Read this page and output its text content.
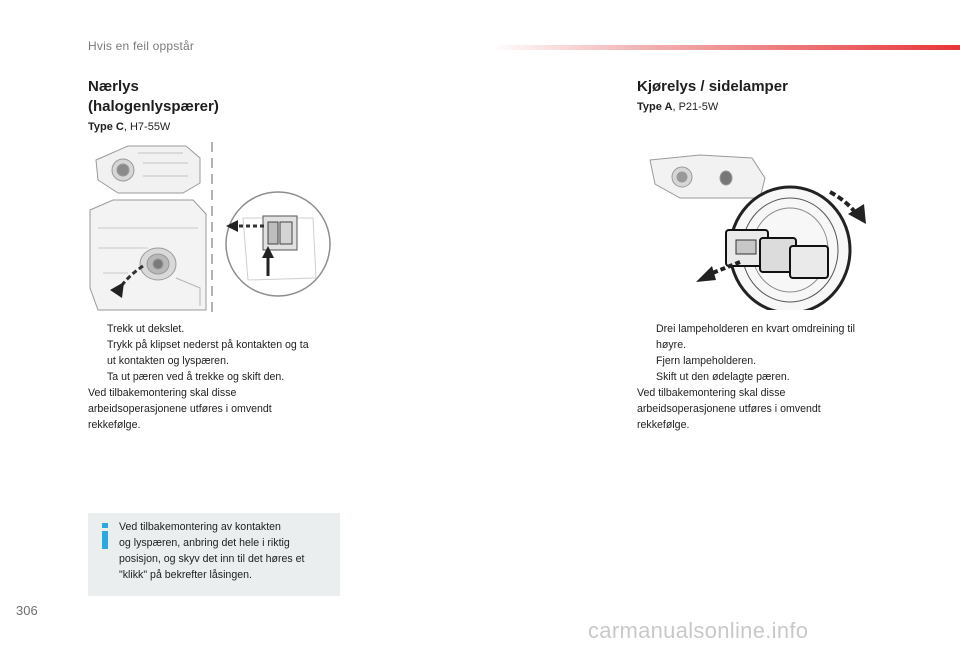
Hvis en feil oppstår
Nærlys
(halogenlyspærer)
Type C, H7-55W
Trekk ut dekslet.
Trykk på klipset nederst på kontakten og ta
ut kontakten og lyspæren.
Ta ut pæren ved å trekke og skift den.
Ved tilbakemontering skal disse
arbeidsoperasjonene utføres i omvendt
rekkefølge.
Ved tilbakemontering av kontakten
og lyspæren, anbring det hele i riktig
posisjon, og skyv det inn til det høres et
"klikk" på bekrefter låsingen.
Kjørelys / sidelamper
Type A, P21-5W
Drei lampeholderen en kvart omdreining til
høyre.
Fjern lampeholderen.
Skift ut den ødelagte pæren.
Ved tilbakemontering skal disse
arbeidsoperasjonene utføres i omvendt
rekkefølge.
306
carmanualsonline.info
